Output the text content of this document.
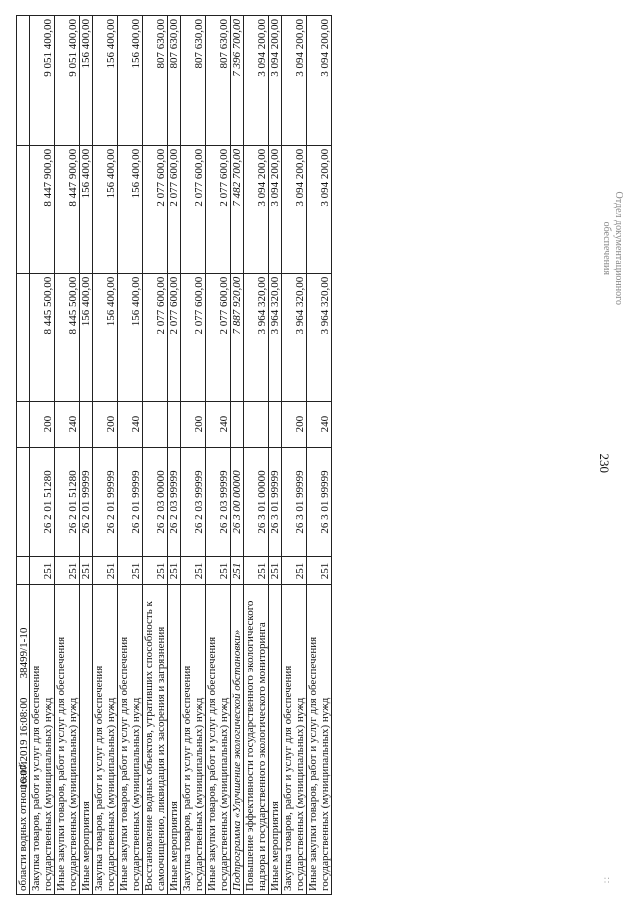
230
области водных отношений						
Закупка товаров, работ и услуг для обеспечения государственных (муниципальных) нужд	251	26 2 01 51280	200	8 445 500,00	8 447 900,00	9 051 400,00
Иные закупки товаров, работ и услуг для обеспечения государственных (муниципальных) нужд	251	26 2 01 51280	240	8 445 500,00	8 447 900,00	9 051 400,00
Иные мероприятия	251	26 2 01 99999		156 400,00	156 400,00	156 400,00
Закупка товаров, работ и услуг для обеспечения государственных (муниципальных) нужд	251	26 2 01 99999	200	156 400,00	156 400,00	156 400,00
Иные закупки товаров, работ и услуг для обеспечения государственных (муниципальных) нужд	251	26 2 01 99999	240	156 400,00	156 400,00	156 400,00
Восстановление водных объектов, утративших способность к самоочищению, ликвидация их засорения и загрязнения	251	26 2 03 00000		2 077 600,00	2 077 600,00	807 630,00
Иные мероприятия	251	26 2 03 99999		2 077 600,00	2 077 600,00	807 630,00
Закупка товаров, работ и услуг для обеспечения государственных (муниципальных) нужд	251	26 2 03 99999	200	2 077 600,00	2 077 600,00	807 630,00
Иные закупки товаров, работ и услуг для обеспечения государственных (муниципальных) нужд	251	26 2 03 99999	240	2 077 600,00	2 077 600,00	807 630,00
Подпрограмма «Улучшение экологической обстановки»	251	26 3 00 00000		7 887 920,00	7 482 700,00	7 396 700,00
Повышение эффективности государственного экологического надзора и государственного экологического мониторинга	251	26 3 01 00000		3 964 320,00	3 094 200,00	3 094 200,00
Иные мероприятия	251	26 3 01 99999		3 964 320,00	3 094 200,00	3 094 200,00
Закупка товаров, работ и услуг для обеспечения государственных (муниципальных) нужд	251	26 3 01 99999	200	3 964 320,00	3 094 200,00	3 094 200,00
Иные закупки товаров, работ и услуг для обеспечения государственных (муниципальных) нужд	251	26 3 01 99999	240	3 964 320,00	3 094 200,00	3 094 200,00
16.07.2019 16:08:00       38499/1-10
Отдел документационного
обеспечения
∷
